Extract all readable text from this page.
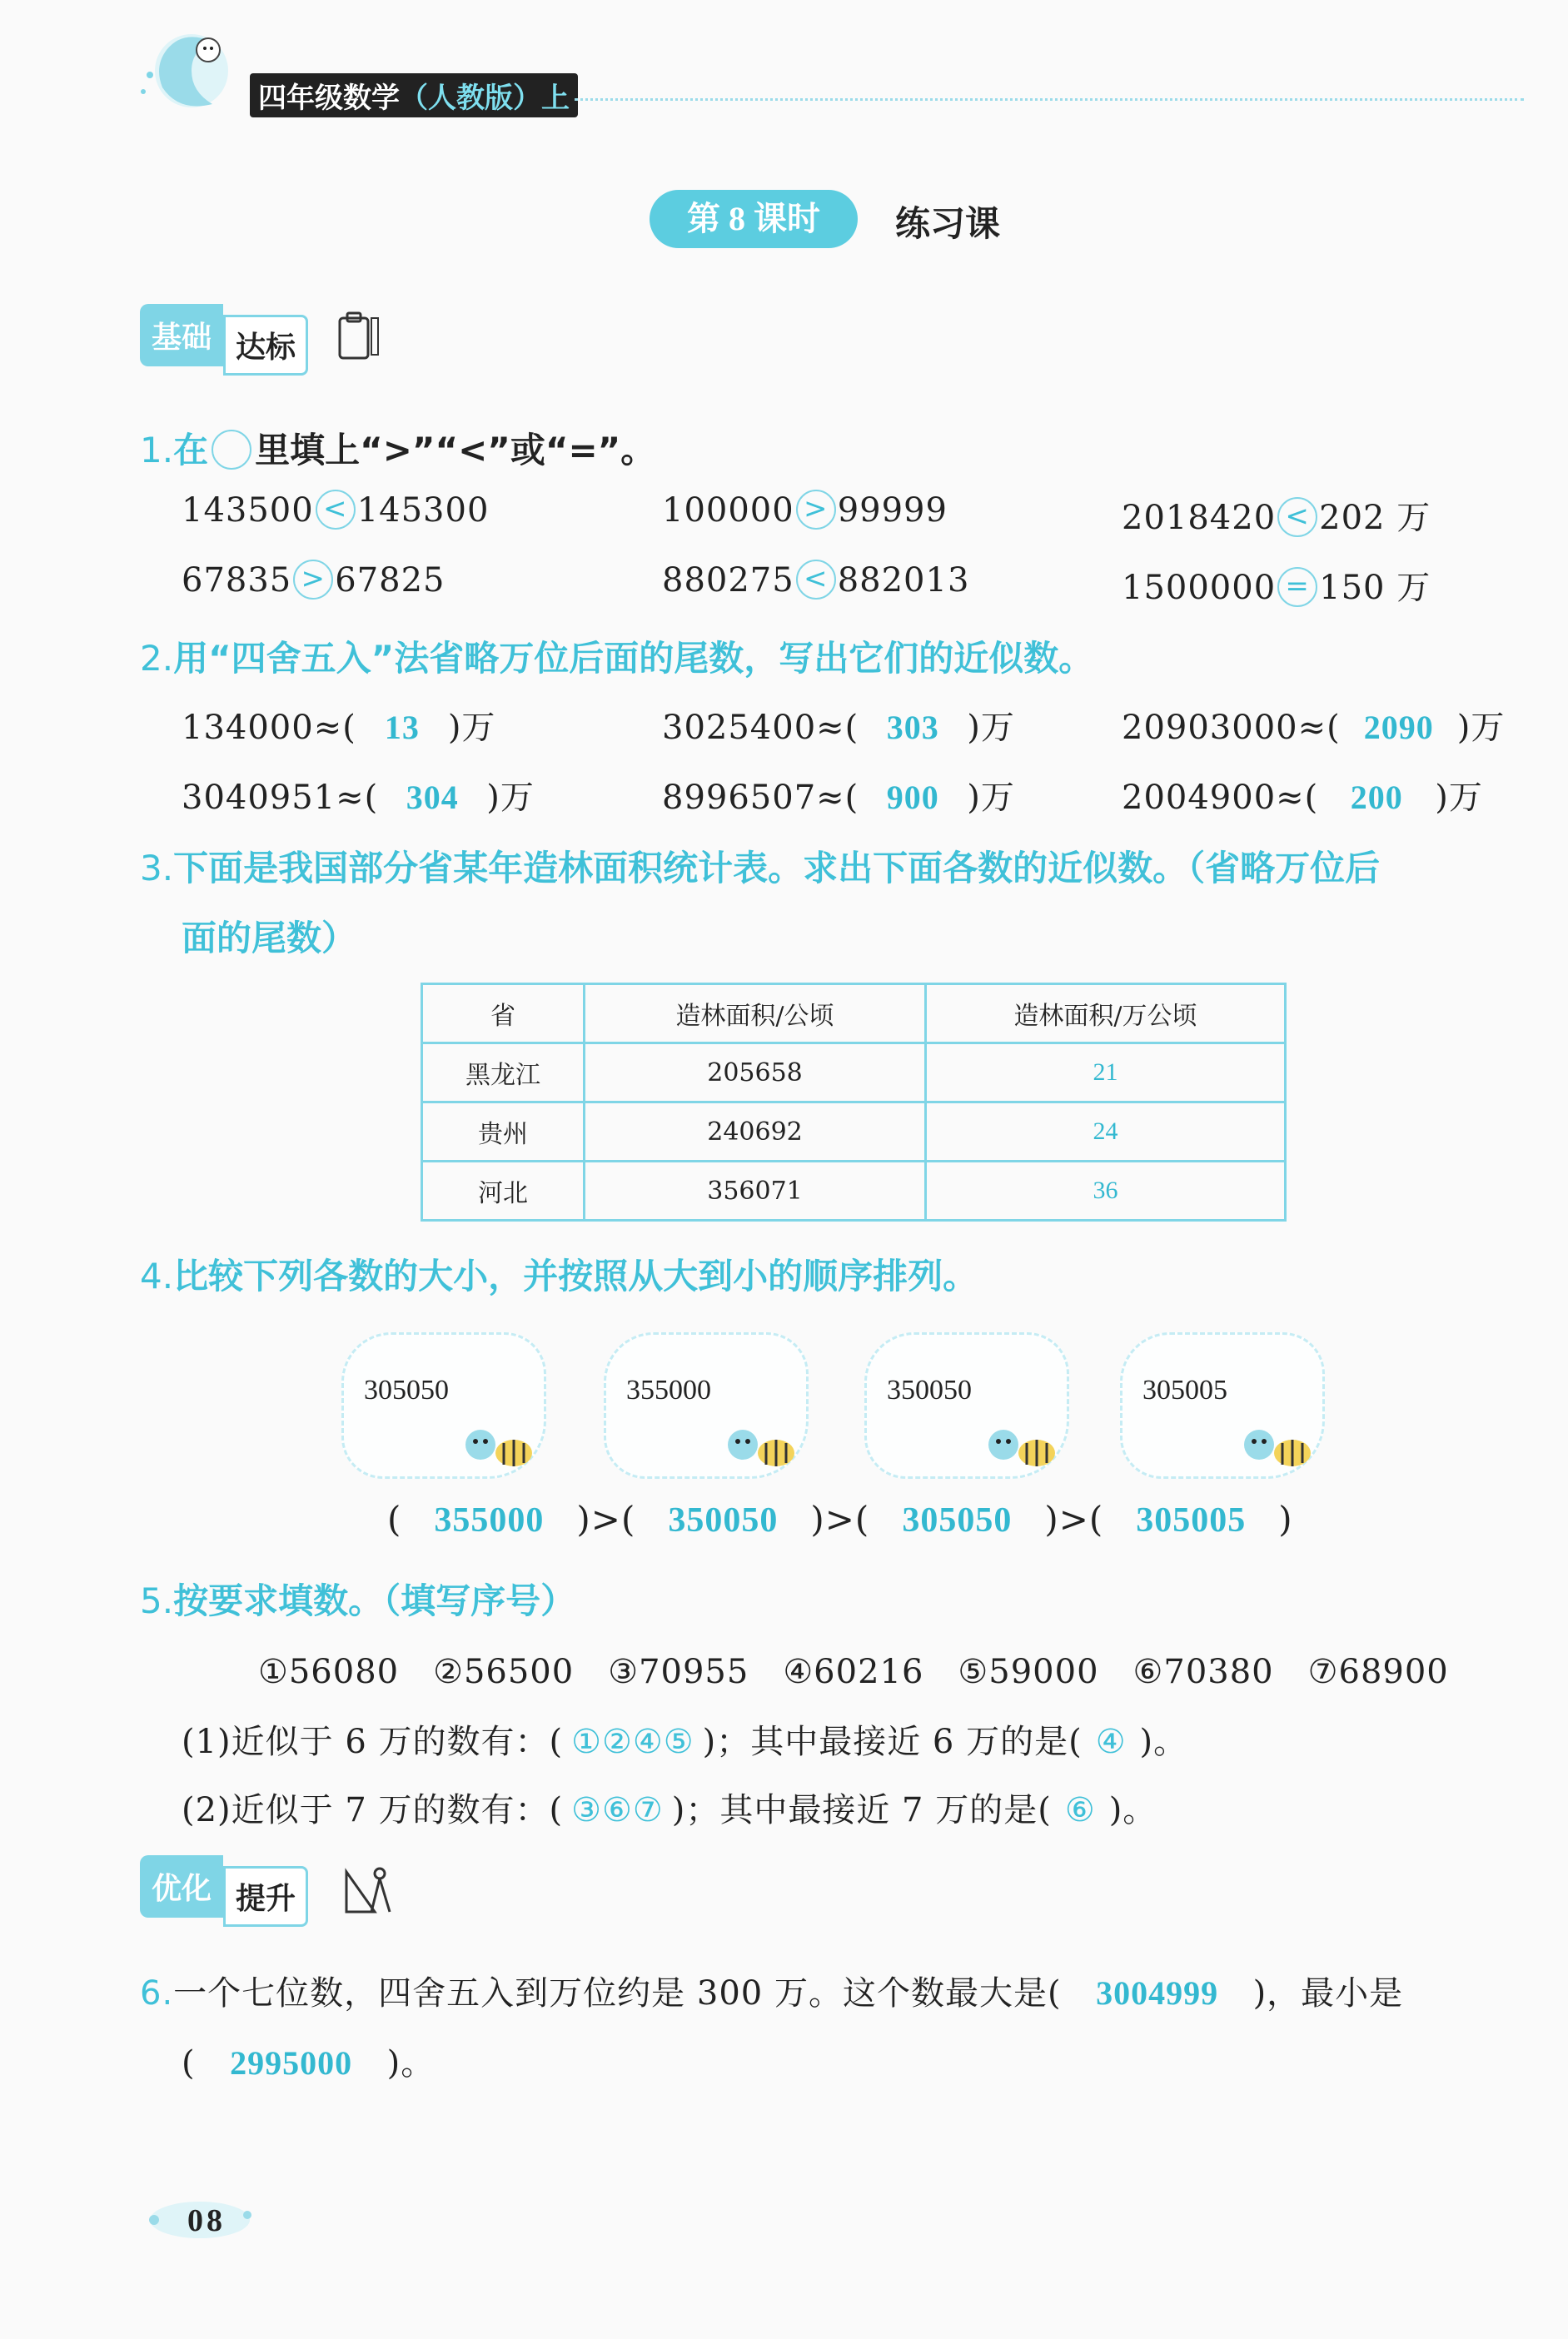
四年级数学（人教版）上
第 8 课时	练习课
基础 达标
1.在 里填上“>”“<”或“=”。
143500 < 145300	100000 > 99999	2018420 < 202 万
67835 > 67825	880275 < 882013	1500000 = 150 万
2.用“四舍五入”法省略万位后面的尾数，写出它们的近似数。
134000≈( 13 )万	3025400≈( 303 )万	20903000≈( 2090 )万
3040951≈( 304 )万	8996507≈( 900 )万	2004900≈( 200 )万
3.下面是我国部分省某年造林面积统计表。求出下面各数的近似数。（省略万位后
面的尾数）
省	造林面积/公顷	造林面积/万公顷
黑龙江	205658	21
贵州	240692	24
河北	356071	36
4.比较下列各数的大小，并按照从大到小的顺序排列。
305050	355000	350050	305005
( 355000 )>( 350050 )>( 305050 )>( 305005 )
5.按要求填数。（填写序号）
①56080　②56500　③70955　④60216　⑤59000　⑥70380　⑦68900
(1)近似于 6 万的数有：( ①②④⑤ )；其中最接近 6 万的是( ④ )。
(2)近似于 7 万的数有：( ③⑥⑦ )；其中最接近 7 万的是( ⑥ )。
优化 提升
6.一个七位数，四舍五入到万位约是 300 万。这个数最大是( 3004999 )，最小是
( 2995000 )。
08
